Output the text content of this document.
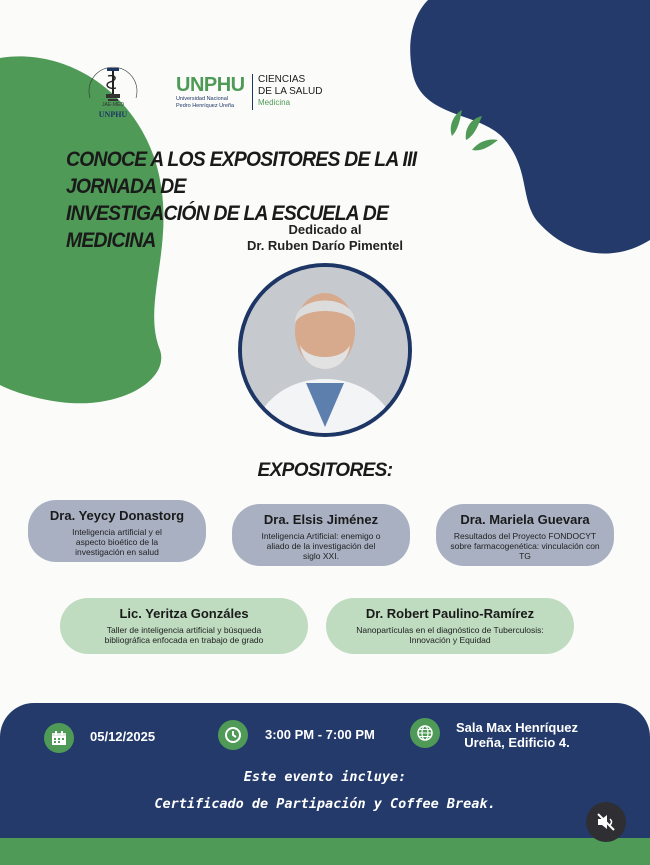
JAE-MED
UNPHU
UNPHU
Universidad Nacional
Pedro Henríquez Ureña
CIENCIAS
DE LA SALUD
Medicina
CONOCE A LOS EXPOSITORES DE LA III JORNADA DE
INVESTIGACIÓN DE LA ESCUELA DE MEDICINA	Dedicado al
Dr. Ruben Darío Pimentel
EXPOSITORES:
Dra. Yeycy Donastorg
Inteligencia artificial y el aspecto bioético de la investigación en salud
Dra. Elsis Jiménez
Inteligencia Artificial: enemigo o aliado de la investigación del siglo XXI.
Dra. Mariela Guevara
Resultados del Proyecto FONDOCYT sobre farmacogenética: vinculación con TG
Lic. Yeritza Gonzáles
Taller de inteligencia artificial y búsqueda bibliográfica enfocada en trabajo de grado
Dr. Robert Paulino-Ramírez
Nanopartículas en el diagnóstico de Tuberculosis: Innovación y Equidad
05/12/2025	3:00 PM - 7:00 PM	Sala Max Henríquez
Ureña, Edificio 4.
Este evento incluye:
Certificado de Partipación y Coffee Break.
